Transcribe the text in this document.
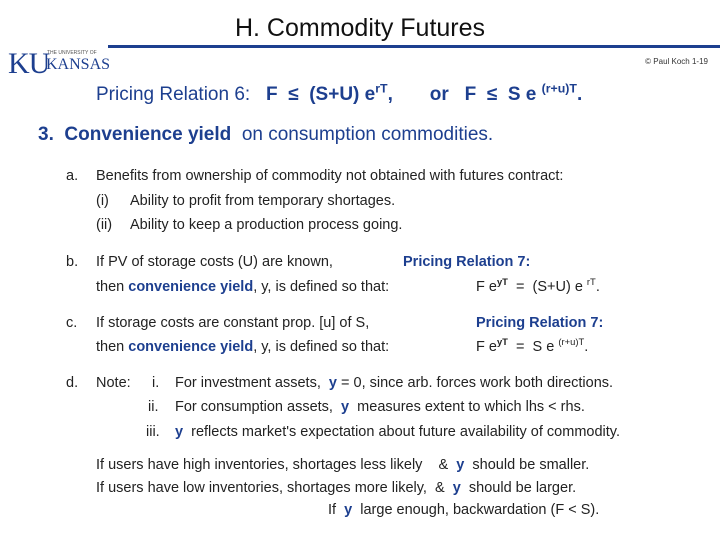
H. Commodity Futures
KU
THE UNIVERSITY OF
KANSAS	© Paul Koch 1-19
Pricing Relation 6: F ≤ (S+U) $e^{rT}$, or F ≤ S e $^{(r+u)T}$.
3. Convenience yield on consumption commodities.
a. Benefits from ownership of commodity not obtained with futures contract:
(i) Ability to profit from temporary shortages.
(ii) Ability to keep a production process going.
b. If PV of storage costs (U) are known,	Pricing Relation 7:
then convenience yield, y, is defined so that:	F $e^{yT} = (S+U)$ e $^{rT}$.
c. If storage costs are constant prop. [u] of S,	Pricing Relation 7:
then convenience yield, y, is defined so that:	F $e^{yT} = S$ e $^{(r+u)T}$.
d. Note: i. For investment assets, y = 0, since arb. forces work both directions.
ii. For consumption assets, y measures extent to which lhs < rhs.
iii. y reflects market's expectation about future availability of commodity.
If users have high inventories, shortages less likely & y should be smaller.
If users have low inventories, shortages more likely, & y should be larger.
If y large enough, backwardation (F < S).
